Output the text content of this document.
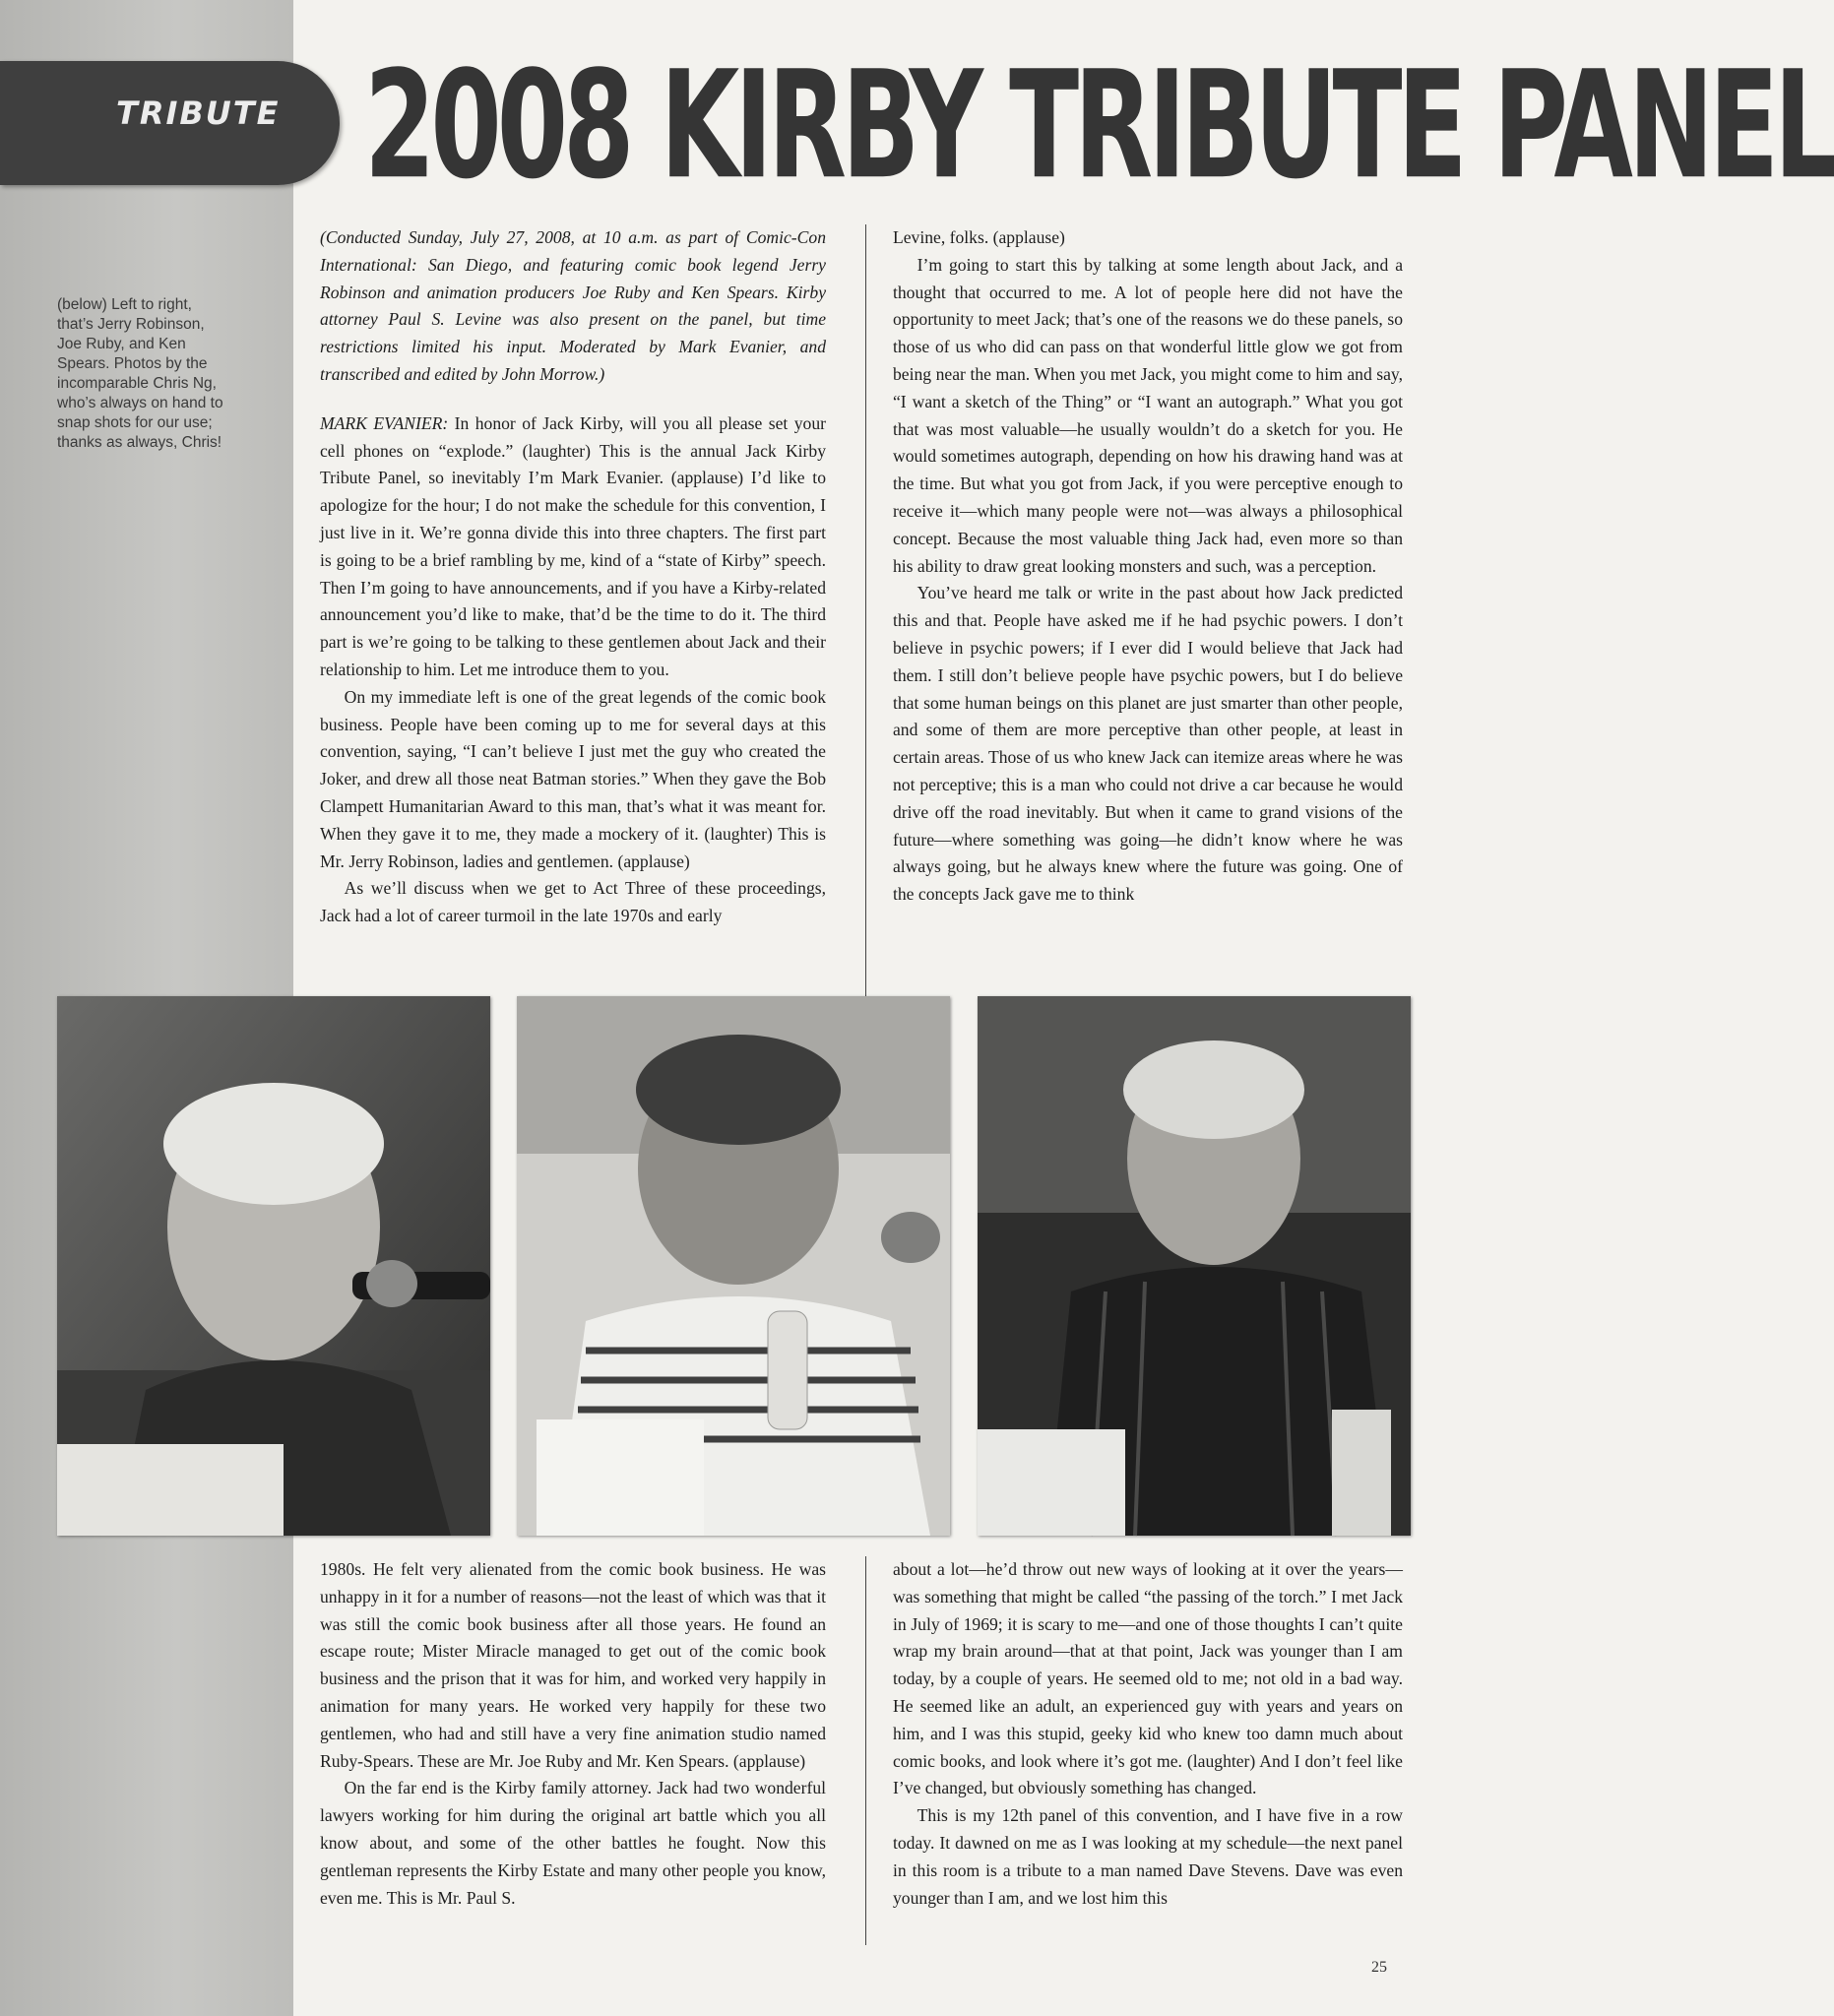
TRIBUTE 2008 KIRBY TRIBUTE PANEL

(below) Left to right, that’s Jerry Robinson, Joe Ruby, and Ken Spears. Photos by the incomparable Chris Ng, who’s always on hand to snap shots for our use; thanks as always, Chris!

(Conducted Sunday, July 27, 2008, at 10 a.m. as part of Comic-Con International: San Diego, and featuring comic book legend Jerry Robinson and animation producers Joe Ruby and Ken Spears. Kirby attorney Paul S. Levine was also present on the panel, but time restrictions limited his input. Moderated by Mark Evanier, and transcribed and edited by John Morrow.)

MARK EVANIER: In honor of Jack Kirby, will you all please set your cell phones on “explode.” (laughter) This is the annual Jack Kirby Tribute Panel, so inevitably I’m Mark Evanier. (applause) I’d like to apologize for the hour; I do not make the schedule for this convention, I just live in it. We’re gonna divide this into three chapters. The first part is going to be a brief rambling by me, kind of a “state of Kirby” speech. Then I’m going to have announcements, and if you have a Kirby-related announcement you’d like to make, that’d be the time to do it. The third part is we’re going to be talking to these gentlemen about Jack and their relationship to him. Let me introduce them to you.

On my immediate left is one of the great legends of the comic book business. People have been coming up to me for several days at this convention, saying, “I can’t believe I just met the guy who created the Joker, and drew all those neat Batman stories.” When they gave the Bob Clampett Humanitarian Award to this man, that’s what it was meant for. When they gave it to me, they made a mockery of it. (laughter) This is Mr. Jerry Robinson, ladies and gentlemen. (applause)

As we’ll discuss when we get to Act Three of these proceedings, Jack had a lot of career turmoil in the late 1970s and early

Levine, folks. (applause)

I’m going to start this by talking at some length about Jack, and a thought that occurred to me. A lot of people here did not have the opportunity to meet Jack; that’s one of the reasons we do these panels, so those of us who did can pass on that wonderful little glow we got from being near the man. When you met Jack, you might come to him and say, “I want a sketch of the Thing” or “I want an autograph.” What you got that was most valuable—he usually wouldn’t do a sketch for you. He would sometimes autograph, depending on how his drawing hand was at the time. But what you got from Jack, if you were perceptive enough to receive it—which many people were not—was always a philosophical concept. Because the most valuable thing Jack had, even more so than his ability to draw great looking monsters and such, was a perception.

You’ve heard me talk or write in the past about how Jack predicted this and that. People have asked me if he had psychic powers. I don’t believe in psychic powers; if I ever did I would believe that Jack had them. I still don’t believe people have psychic powers, but I do believe that some human beings on this planet are just smarter than other people, and some of them are more perceptive than other people, at least in certain areas. Those of us who knew Jack can itemize areas where he was not perceptive; this is a man who could not drive a car because he would drive off the road inevitably. But when it came to grand visions of the future—where something was going—he didn’t know where he was always going, but he always knew where the future was going. One of the concepts Jack gave me to think

1980s. He felt very alienated from the comic book business. He was unhappy in it for a number of reasons—not the least of which was that it was still the comic book business after all those years. He found an escape route; Mister Miracle managed to get out of the comic book business and the prison that it was for him, and worked very happily in animation for many years. He worked very happily for these two gentlemen, who had and still have a very fine animation studio named Ruby-Spears. These are Mr. Joe Ruby and Mr. Ken Spears. (applause)

On the far end is the Kirby family attorney. Jack had two wonderful lawyers working for him during the original art battle which you all know about, and some of the other battles he fought. Now this gentleman represents the Kirby Estate and many other people you know, even me. This is Mr. Paul S.

about a lot—he’d throw out new ways of looking at it over the years—was something that might be called “the passing of the torch.” I met Jack in July of 1969; it is scary to me—and one of those thoughts I can’t quite wrap my brain around—that at that point, Jack was younger than I am today, by a couple of years. He seemed old to me; not old in a bad way. He seemed like an adult, an experienced guy with years and years on him, and I was this stupid, geeky kid who knew too damn much about comic books, and look where it’s got me. (laughter) And I don’t feel like I’ve changed, but obviously something has changed.

This is my 12th panel of this convention, and I have five in a row today. It dawned on me as I was looking at my schedule—the next panel in this room is a tribute to a man named Dave Stevens. Dave was even younger than I am, and we lost him this

25
